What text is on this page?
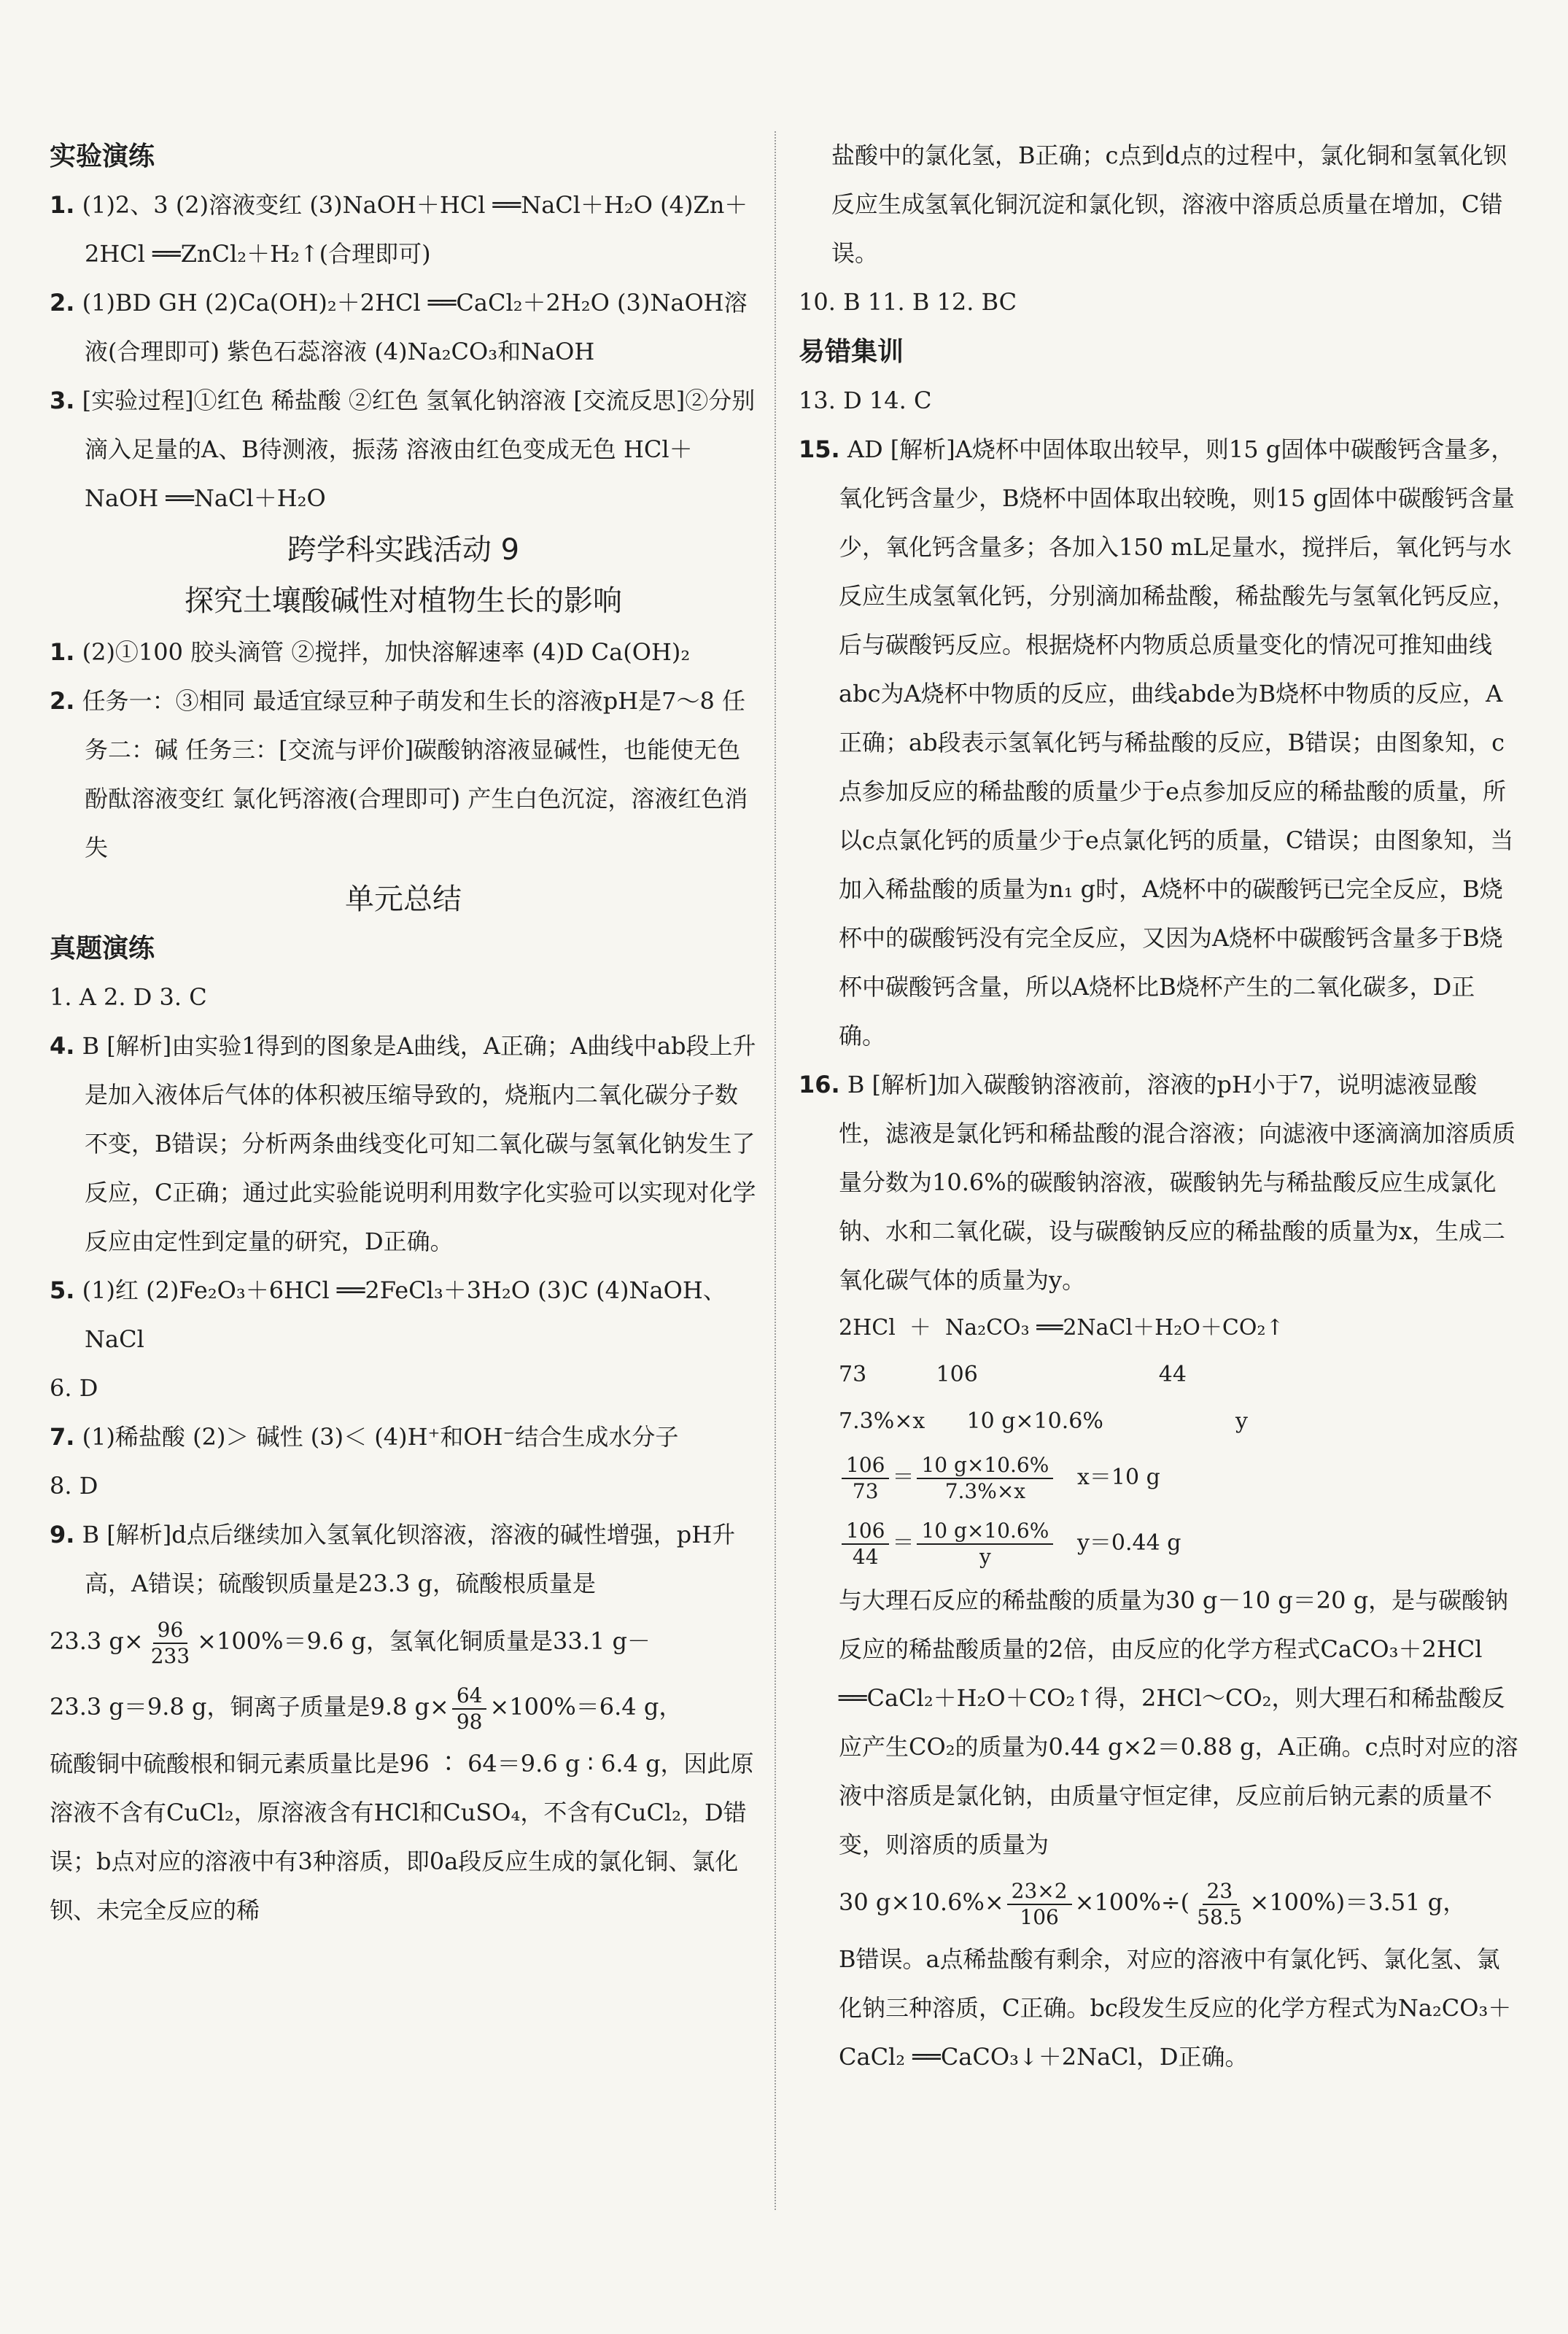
实验演练

1. (1)2、3 (2)溶液变红 (3)NaOH＋HCl ══NaCl＋H₂O (4)Zn＋2HCl ══ZnCl₂＋H₂↑(合理即可)

2. (1)BD GH (2)Ca(OH)₂＋2HCl ══CaCl₂＋2H₂O (3)NaOH溶液(合理即可) 紫色石蕊溶液 (4)Na₂CO₃和NaOH

3. [实验过程]①红色 稀盐酸 ②红色 氢氧化钠溶液 [交流反思]②分别滴入足量的A、B待测液，振荡 溶液由红色变成无色 HCl＋NaOH ══NaCl＋H₂O

跨学科实践活动 9
探究土壤酸碱性对植物生长的影响

1. (2)①100 胶头滴管 ②搅拌，加快溶解速率 (4)D Ca(OH)₂

2. 任务一：③相同 最适宜绿豆种子萌发和生长的溶液pH是7～8 任务二：碱 任务三：[交流与评价]碳酸钠溶液显碱性，也能使无色酚酞溶液变红 氯化钙溶液(合理即可) 产生白色沉淀，溶液红色消失

单元总结
真题演练

1. A 2. D 3. C

4. B [解析]由实验1得到的图象是A曲线，A正确；A曲线中ab段上升是加入液体后气体的体积被压缩导致的，烧瓶内二氧化碳分子数不变，B错误；分析两条曲线变化可知二氧化碳与氢氧化钠发生了反应，C正确；通过此实验能说明利用数字化实验可以实现对化学反应由定性到定量的研究，D正确。

5. (1)红 (2)Fe₂O₃＋6HCl ══2FeCl₃＋3H₂O (3)C (4)NaOH、NaCl

6. D

7. (1)稀盐酸 (2)＞ 碱性 (3)＜ (4)H⁺和OH⁻结合生成水分子

8. D

9. B [解析]d点后继续加入氢氧化钡溶液，溶液的碱性增强，pH升高，A错误；硫酸钡质量是23.3 g，硫酸根质量是

23.3 $g\times \frac{96}{233} \times 100\%=9.6$ g，氢氧化铜质量是33.1 g－

23.3 g＝9.8 g，铜离子质量是9.8 $g\times \frac{64}{98} \times 100\%=6.4$ g，

硫酸铜中硫酸根和铜元素质量比是96 ∶ 64＝9.6 g ∶ 6.4 g，因此原溶液不含有CuCl₂，原溶液含有HCl和CuSO₄，不含有CuCl₂，D错误；b点对应的溶液中有3种溶质，即0a段反应生成的氯化铜、氯化钡、未完全反应的稀

盐酸中的氯化氢，B正确；c点到d点的过程中，氯化铜和氢氧化钡反应生成氢氧化铜沉淀和氯化钡，溶液中溶质总质量在增加，C错误。

10. B 11. B 12. BC

易错集训

13. D 14. C

15. AD [解析]A烧杯中固体取出较早，则15 g固体中碳酸钙含量多，氧化钙含量少，B烧杯中固体取出较晚，则15 g固体中碳酸钙含量少，氧化钙含量多；各加入150 mL足量水，搅拌后，氧化钙与水反应生成氢氧化钙，分别滴加稀盐酸，稀盐酸先与氢氧化钙反应，后与碳酸钙反应。根据烧杯内物质总质量变化的情况可推知曲线abc为A烧杯中物质的反应，曲线abde为B烧杯中物质的反应，A正确；ab段表示氢氧化钙与稀盐酸的反应，B错误；由图象知，c点参加反应的稀盐酸的质量少于e点参加反应的稀盐酸的质量，所以c点氯化钙的质量少于e点氯化钙的质量，C错误；由图象知，当加入稀盐酸的质量为n₁ g时，A烧杯中的碳酸钙已完全反应，B烧杯中的碳酸钙没有完全反应，又因为A烧杯中碳酸钙含量多于B烧杯中碳酸钙含量，所以A烧杯比B烧杯产生的二氧化碳多，D正确。

16. B [解析]加入碳酸钠溶液前，溶液的pH小于7，说明滤液显酸性，滤液是氯化钙和稀盐酸的混合溶液；向滤液中逐滴滴加溶质质量分数为10.6%的碳酸钠溶液，碳酸钠先与稀盐酸反应生成氯化钠、水和二氧化碳，设与碳酸钠反应的稀盐酸的质量为x，生成二氧化碳气体的质量为y。

2HCl  ＋  Na₂CO₃ ══2NaCl＋H₂O＋CO₂↑

73          106                          44

7.3%×x      10 g×10.6%                   y

$\frac{106}{73} = \frac{10 g\times 10.6\%}{7.3\%\times x} x=10$ g

$\frac{106}{44} = \frac{10 g\times 10.6\%}{y} y=0.44$ g

与大理石反应的稀盐酸的质量为30 g－10 g＝20 g，是与碳酸钠反应的稀盐酸质量的2倍，由反应的化学方程式CaCO₃＋2HCl ══CaCl₂＋H₂O＋CO₂↑得，2HCl～CO₂，则大理石和稀盐酸反应产生CO₂的质量为0.44 g×2＝0.88 g，A正确。c点时对应的溶液中溶质是氯化钠，由质量守恒定律，反应前后钠元素的质量不变，则溶质的质量为

30 $g\times 10.6\%\times \frac{23\times 2}{106} \times 100\%\div( \frac{23}{58.5} \times 100\%)=3.51$ g，

B错误。a点稀盐酸有剩余，对应的溶液中有氯化钙、氯化氢、氯化钠三种溶质，C正确。bc段发生反应的化学方程式为Na₂CO₃＋CaCl₂ ══CaCO₃↓＋2NaCl，D正确。
